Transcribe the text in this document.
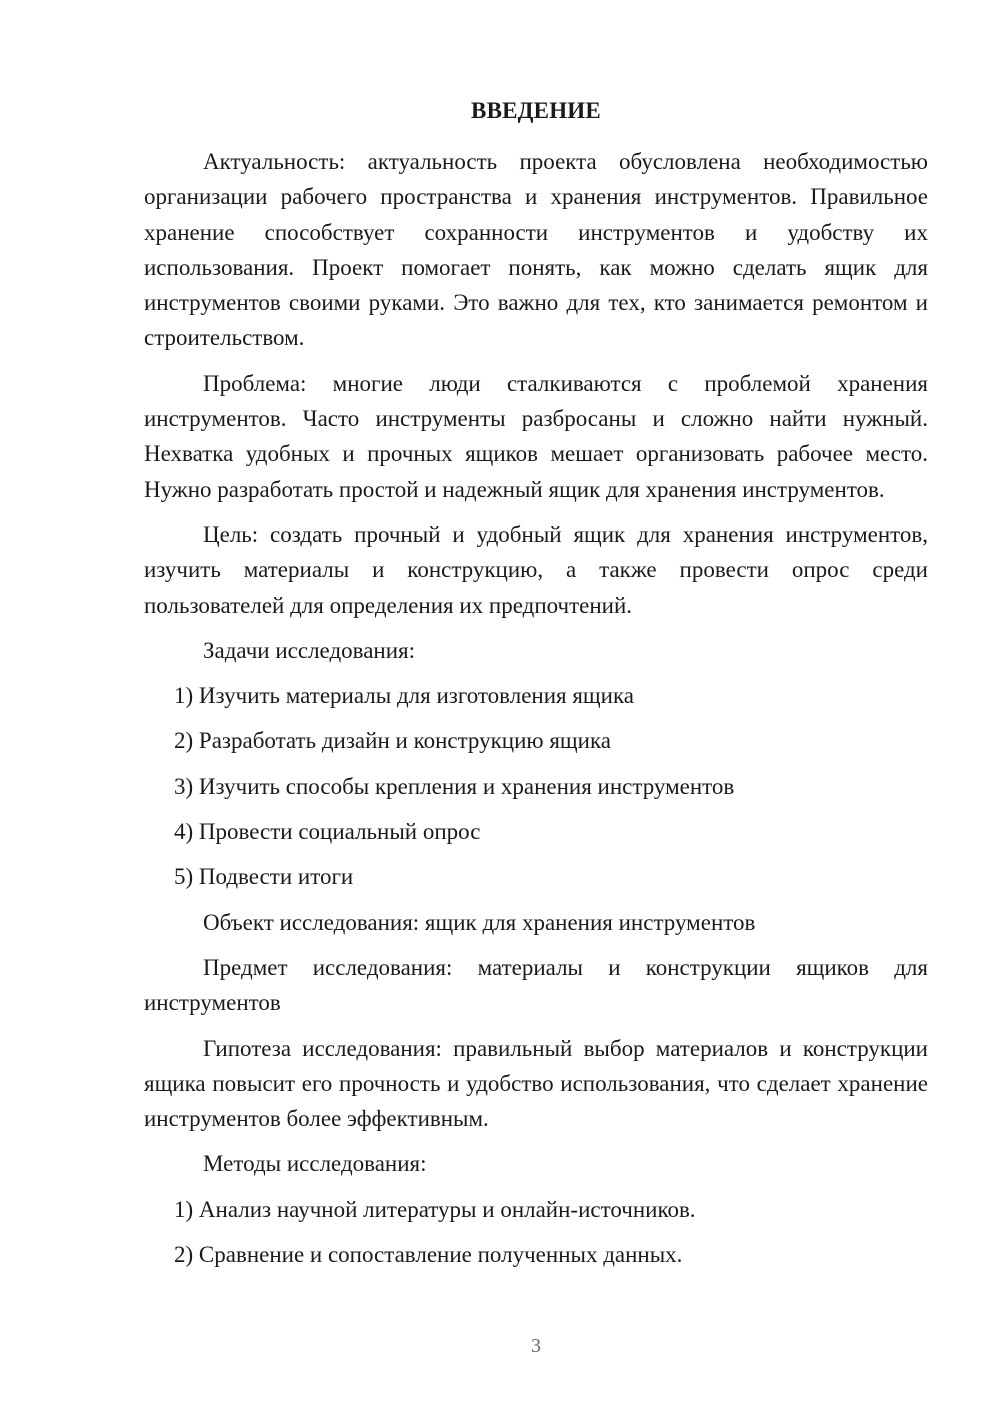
ВВЕДЕНИЕ

Актуальность: актуальность проекта обусловлена необходимостью организации рабочего пространства и хранения инструментов. Правильное хранение способствует сохранности инструментов и удобству их использования. Проект помогает понять, как можно сделать ящик для инструментов своими руками. Это важно для тех, кто занимается ремонтом и строительством.

Проблема: многие люди сталкиваются с проблемой хранения инструментов. Часто инструменты разбросаны и сложно найти нужный. Нехватка удобных и прочных ящиков мешает организовать рабочее место. Нужно разработать простой и надежный ящик для хранения инструментов.

Цель: создать прочный и удобный ящик для хранения инструментов, изучить материалы и конструкцию, а также провести опрос среди пользователей для определения их предпочтений.

Задачи исследования:

1) Изучить материалы для изготовления ящика

2) Разработать дизайн и конструкцию ящика

3) Изучить способы крепления и хранения инструментов

4) Провести социальный опрос

5) Подвести итоги

Объект исследования: ящик для хранения инструментов

Предмет исследования: материалы и конструкции ящиков для инструментов

Гипотеза исследования: правильный выбор материалов и конструкции ящика повысит его прочность и удобство использования, что сделает хранение инструментов более эффективным.

Методы исследования:

1) Анализ научной литературы и онлайн-источников.

2) Сравнение и сопоставление полученных данных.

3
